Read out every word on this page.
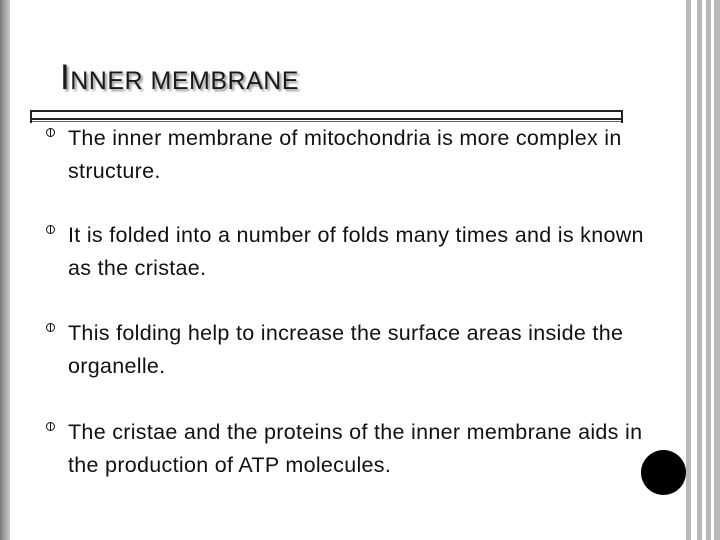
INNER MEMBRANE
The inner membrane of mitochondria is more complex in structure.
It is folded into a number of folds many times and is known as the cristae.
This folding help to increase the surface areas inside the organelle.
The cristae and the proteins of the inner membrane aids in the production of ATP molecules.
